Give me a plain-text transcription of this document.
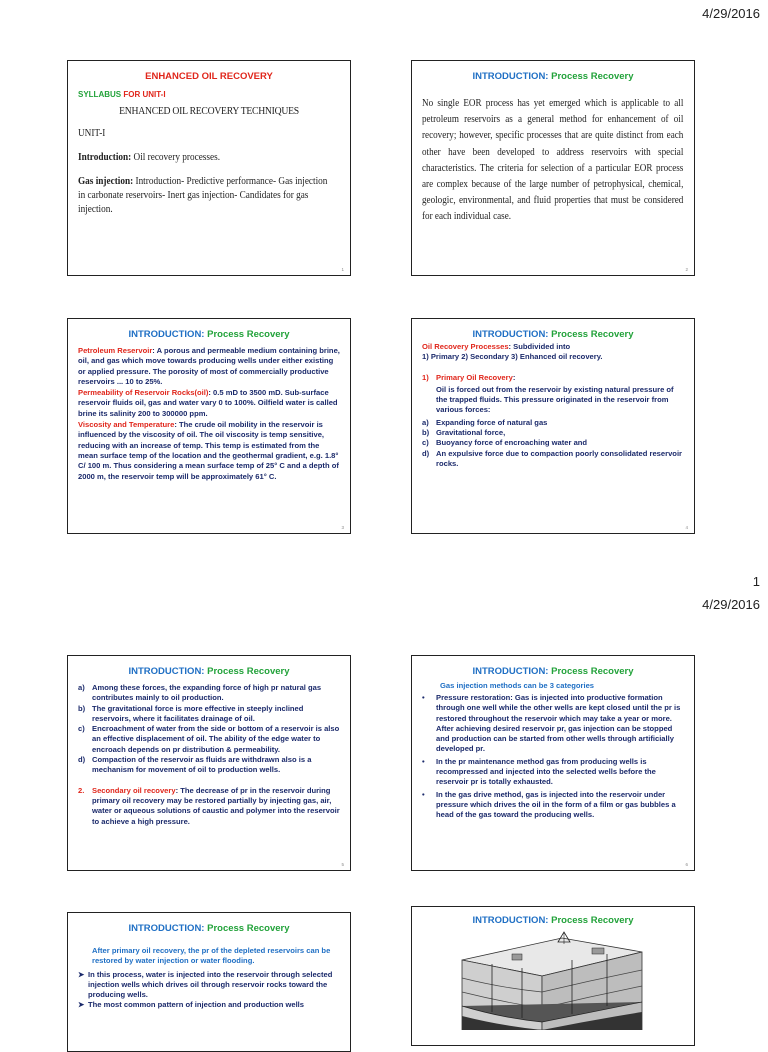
4/29/2016
1
4/29/2016
ENHANCED OIL RECOVERY
SYLLABUS FOR UNIT-I
ENHANCED OIL RECOVERY TECHNIQUES

UNIT-I

Introduction: Oil recovery processes.

Gas injection: Introduction- Predictive performance- Gas injection in carbonate reservoirs- Inert gas injection- Candidates for gas injection.

1
INTRODUCTION: Process Recovery
No single EOR process has yet emerged which is applicable to all petroleum reservoirs as a general method for enhancement of oil recovery; however, specific processes that are quite distinct from each other have been developed to address reservoirs with special characteristics. The criteria for selection of a particular EOR process are complex because of the large number of petrophysical, chemical, geologic, environmental, and fluid properties that must be considered for each individual case.
2
INTRODUCTION: Process Recovery
Petroleum Reservoir: A porous and permeable medium containing brine, oil, and gas which move towards producing wells under either existing or applied pressure. The porosity of most of commercially productive reservoirs ... 10 to 25%.
Permeability of Reservoir Rocks(oil): 0.5 mD to 3500 mD. Sub-surface reservoir fluids oil, gas and water vary 0 to 100%. Oilfield water is called brine its salinity 200 to 300000 ppm.
Viscosity and Temperature: The crude oil mobility in the reservoir is influenced by the viscosity of oil. The oil viscosity is temp sensitive, reducing with an increase of temp. This temp is estimated from the mean surface temp of the location and the geothermal gradient, e.g. 1.8° C/ 100 m. Thus considering a mean surface temp of 25° C and a depth of 2000 m, the reservoir temp will be approximately 61° C.
3
INTRODUCTION: Process Recovery
Oil Recovery Processes: Subdivided into
1) Primary 2) Secondary 3) Enhanced oil recovery.
1) Primary Oil Recovery:
Oil is forced out from the reservoir by existing natural pressure of the trapped fluids. This pressure originated in the reservoir from various forces:
a) Expanding force of natural gas
b) Gravitational force,
c) Buoyancy force of encroaching water and
d) An expulsive force due to compaction poorly consolidated reservoir rocks.
4
INTRODUCTION: Process Recovery
a) Among these forces, the expanding force of high pr natural gas contributes mainly to oil production.
b) The gravitational force is more effective in steeply inclined reservoirs, where it facilitates drainage of oil.
c) Encroachment of water from the side or bottom of a reservoir is also an effective displacement of oil. The ability of the edge water to encroach depends on pr distribution & permeability.
d) Compaction of the reservoir as fluids are withdrawn also is a mechanism for movement of oil to production wells.
2.	Secondary oil recovery: The decrease of pr in the reservoir during primary oil recovery may be restored partially by injecting gas, air, water or aqueous solutions of caustic and polymer into the reservoir to achieve a high pressure.
5
INTRODUCTION: Process Recovery
Gas injection methods can be 3 categories
•	Pressure restoration: Gas is injected into productive formation through one well while the other wells are kept closed until the pr is restored throughout the reservoir which may take a year or more. After achieving desired reservoir pr, gas injection can be stopped and production can be started from other wells through artificially developed pr.
•	In the pr maintenance method gas from producing wells is recompressed and injected into the selected wells before the reservoir pr is totally exhausted.
•	In the gas drive method, gas is injected into the reservoir under pressure which drives the oil in the form of a film or gas bubbles a head of the gas toward the producing wells.
6
INTRODUCTION: Process Recovery
After primary oil recovery, the pr of the depleted reservoirs can be restored by water injection or water flooding.
➤ In this process, water is injected into the reservoir through selected injection wells which drives oil through reservoir rocks toward the producing wells.
➤ The most common pattern of injection and production wells
INTRODUCTION: Process Recovery
